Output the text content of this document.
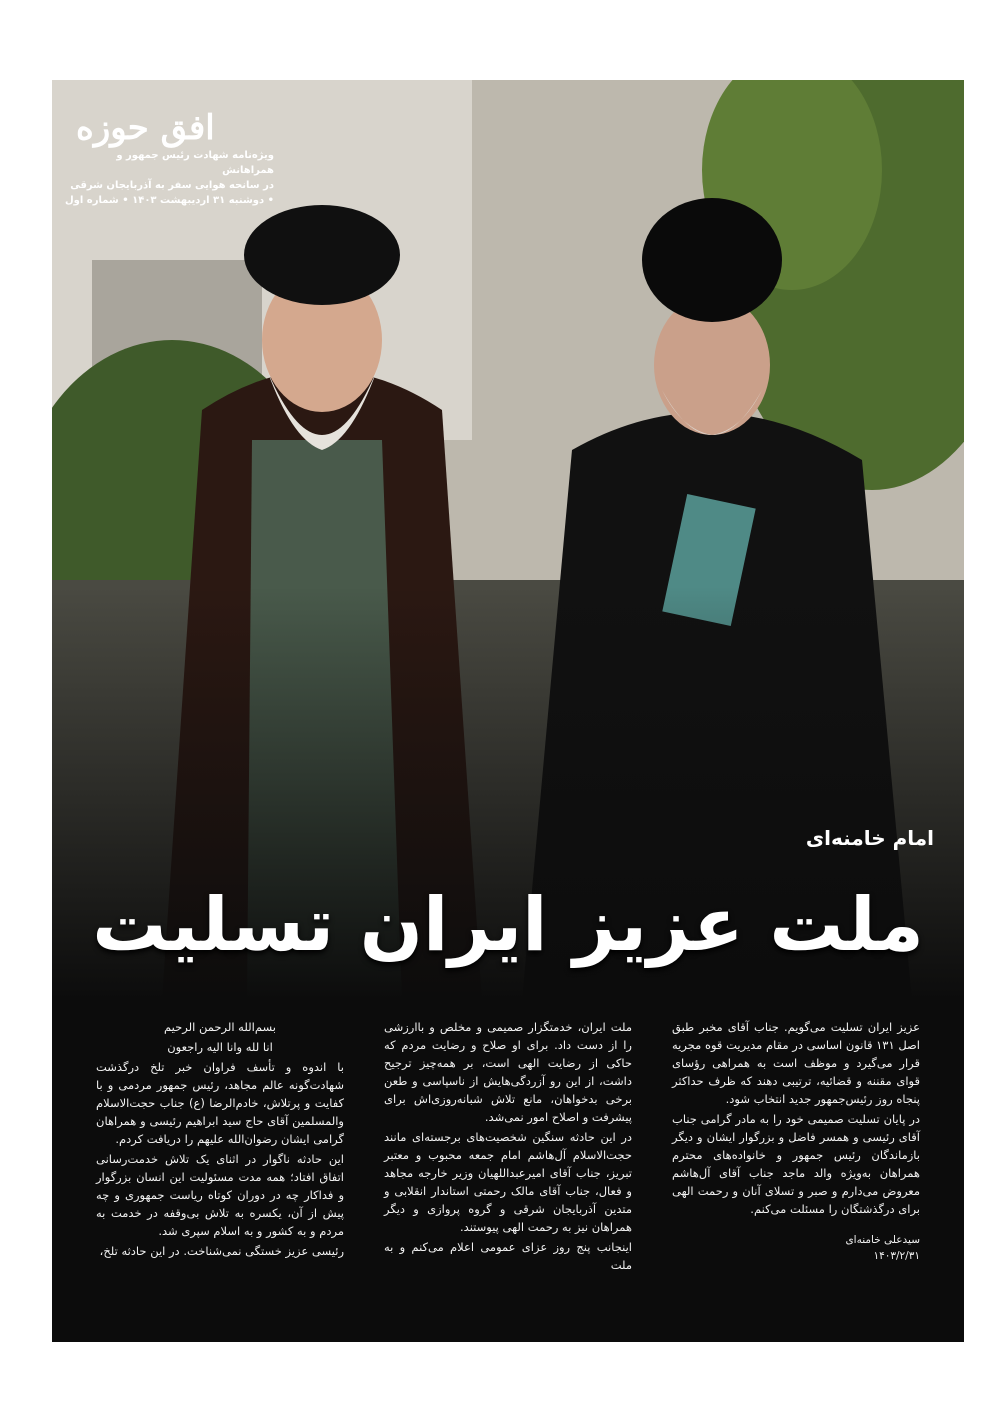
افق حوزه
ویژه‌نامه شهادت رئیس جمهور و همراهانش
در سانحه هوایی سفر به آذربایجان شرقی
• دوشنبه ۳۱ اردیبهشت ۱۴۰۳ • شماره اول
امام خامنه‌ای
ملت عزیز ایران تسلیت

بسم‌الله الرحمن الرحیم

انا لله وانا الیه راجعون

با اندوه و تأسف فراوان خبر تلخ درگذشت شهادت‌گونه عالم مجاهد، رئیس جمهور مردمی و با کفایت و پرتلاش، خادم‌الرضا (ع) جناب حجت‌الاسلام والمسلمین آقای حاج سید ابراهیم رئیسی و همراهان گرامی ایشان رضوان‌الله علیهم را دریافت کردم.

این حادثه ناگوار در اثنای یک تلاش خدمت‌رسانی اتفاق افتاد؛ همه مدت مسئولیت این انسان بزرگوار و فداکار چه در دوران کوتاه ریاست جمهوری و چه پیش از آن، یکسره به تلاش بی‌وقفه در خدمت به مردم و به کشور و به اسلام سپری شد.

رئیسی عزیز خستگی نمی‌شناخت. در این حادثه تلخ،

ملت ایران، خدمتگزار صمیمی و مخلص و باارزشی را از دست داد. برای او صلاح و رضایت مردم که حاکی از رضایت الهی است، بر همه‌چیز ترجیح داشت، از این رو آزردگی‌هایش از ناسپاسی و طعن برخی بدخواهان، مانع تلاش شبانه‌روزی‌اش برای پیشرفت و اصلاح امور نمی‌شد.

در این حادثه سنگین شخصیت‌های برجسته‌ای مانند حجت‌الاسلام آل‌هاشم امام جمعه محبوب و معتبر تبریز، جناب آقای امیرعبداللهیان وزیر خارجه مجاهد و فعال، جناب آقای مالک رحمتی استاندار انقلابی و متدین آذربایجان شرقی و گروه پروازی و دیگر همراهان نیز به رحمت الهی پیوستند.

اینجانب پنج روز عزای عمومی اعلام می‌کنم و به ملت

عزیز ایران تسلیت می‌گویم. جناب آقای مخبر طبق اصل ۱۳۱ قانون اساسی در مقام مدیریت قوه مجریه قرار می‌گیرد و موظف است به همراهی رؤسای قوای مقننه و قضائیه، ترتیبی دهند که ظرف حداکثر پنجاه روز رئیس‌جمهور جدید انتخاب شود.

در پایان تسلیت صمیمی خود را به مادر گرامی جناب آقای رئیسی و همسر فاضل و بزرگوار ایشان و دیگر بازماندگان رئیس جمهور و خانواده‌های محترم همراهان به‌ویژه والد ماجد جناب آقای آل‌هاشم معروض می‌دارم و صبر و تسلای آنان و رحمت الهی برای درگذشتگان را مسئلت می‌کنم.

سیدعلی خامنه‌ای
۱۴۰۳/۲/۳۱
